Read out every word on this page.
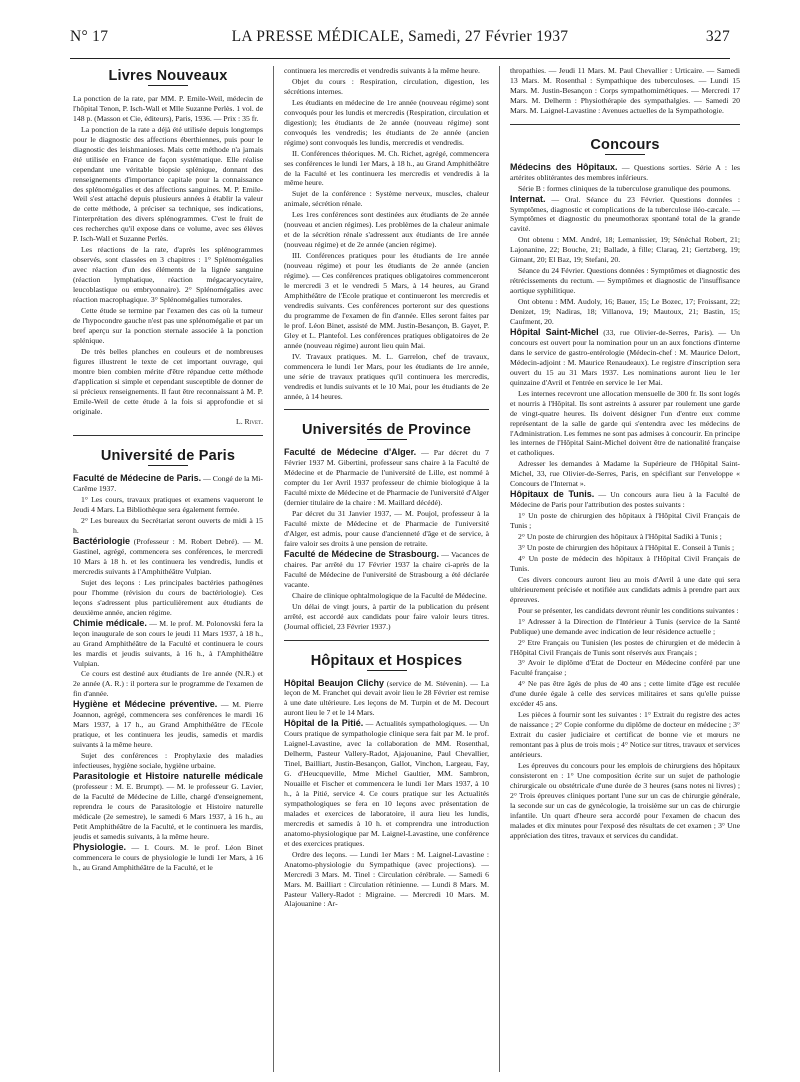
N° 17	LA PRESSE MÉDICALE, Samedi, 27 Février 1937	327
Livres Nouveaux

La ponction de la rate, par MM. P. Emile-Weil, médecin de l'hôpital Tenon, P. Isch-Wall et Mlle Suzanne Perlès. 1 vol. de 148 p. (Masson et Cie, éditeurs), Paris, 1936. — Prix : 35 fr.

La ponction de la rate a déjà été utilisée depuis longtemps pour le diagnostic des affections éberthiennes, puis pour le diagnostic des leishmanioses. Mais cette méthode n'a jamais été utilisée en France de façon systématique. Elle réalise cependant une véritable biopsie splénique, donnant des renseignements d'importance capitale pour la connaissance des splénomégalies et des affections sanguines. M. P. Emile-Weil s'est attaché depuis plusieurs années à établir la valeur de cette méthode, à préciser sa technique, ses indications, l'interprétation des divers splénogrammes. C'est le fruit de ces recherches qu'il expose dans ce volume, avec ses élèves P. Isch-Wall et Suzanne Perlès.

Les réactions de la rate, d'après les splénogrammes observés, sont classées en 3 chapitres : 1° Splénomégalies avec réaction d'un des éléments de la lignée sanguine (réaction lymphatique, réaction mégacaryocytaire, leucoblastique ou embryonnaire). 2° Splénomégalies avec réaction macrophagique. 3° Splénomégalies tumorales.

Cette étude se termine par l'examen des cas où la tumeur de l'hypocondre gauche n'est pas une splénomégalie et par un bref aperçu sur la ponction sternale associée à la ponction splénique.

De très belles planches en couleurs et de nombreuses figures illustrent le texte de cet important ouvrage, qui montre bien combien mérite d'être répandue cette méthode d'application si simple et cependant susceptible de donner de si précieux renseignements. Il faut être reconnaissant à M. P. Emile-Weil de cette étude à la fois si approfondie et si originale.

L. Rivet.

Université de Paris

Faculté de Médecine de Paris. — Congé de la Mi-Carême 1937.

1° Les cours, travaux pratiques et examens vaqueront le Jeudi 4 Mars. La Bibliothèque sera également fermée.

2° Les bureaux du Secrétariat seront ouverts de midi à 15 h.

Bactériologie (Professeur : M. Robert Debré). — M. Gastinel, agrégé, commencera ses conférences, le mercredi 10 Mars à 18 h. et les continuera les vendredis, lundis et mercredis suivants à l'Amphithéâtre Vulpian.

Sujet des leçons : Les principales bactéries pathogènes pour l'homme (révision du cours de bactériologie). Ces leçons s'adressent plus particulièrement aux étudiants de deuxième année, ancien régime.

Chimie médicale. — M. le prof. M. Polonovski fera la leçon inaugurale de son cours le jeudi 11 Mars 1937, à 18 h., au Grand Amphithéâtre de la Faculté et continuera le cours les mardis et jeudis suivants, à 16 h., à l'Amphithéâtre Vulpian.

Ce cours est destiné aux étudiants de 1re année (N.R.) et 2e année (A. R.) : il portera sur le programme de l'examen de fin d'année.

Hygiène et Médecine préventive. — M. Pierre Joannon, agrégé, commencera ses conférences le mardi 16 Mars 1937, à 17 h., au Grand Amphithéâtre de l'Ecole pratique, et les continuera les jeudis, samedis et mardis suivants à la même heure.

Sujet des conférences : Prophylaxie des maladies infectieuses, hygiène sociale, hygiène urbaine.

Parasitologie et Histoire naturelle médicale (professeur : M. E. Brumpt). — M. le professeur G. Lavier, de la Faculté de Médecine de Lille, chargé d'enseignement, reprendra le cours de Parasitologie et Histoire naturelle médicale (2e semestre), le samedi 6 Mars 1937, à 16 h., au Petit Amphithéâtre de la Faculté, et le continuera les mardis, jeudis et samedis suivants, à la même heure.

Physiologie. — I. Cours. M. le prof. Léon Binet commencera le cours de physiologie le lundi 1er Mars, à 16 h., au Grand Amphithéâtre de la Faculté, et le

continuera les mercredis et vendredis suivants à la même heure.

Objet du cours : Respiration, circulation, digestion, les sécrétions internes.

Les étudiants en médecine de 1re année (nouveau régime) sont convoqués pour les lundis et mercredis (Respiration, circulation et digestion); les étudiants de 2e année (nouveau régime) sont convoqués les vendredis; les étudiants de 2e année (ancien régime) sont convoqués les lundis, mercredis et vendredis.

II. Conférences théoriques. M. Ch. Richet, agrégé, commencera ses conférences le lundi 1er Mars, à 18 h., au Grand Amphithéâtre de la Faculté et les continuera les mercredis et vendredis à la même heure.

Sujet de la conférence : Système nerveux, muscles, chaleur animale, sécrétion rénale.

Les 1res conférences sont destinées aux étudiants de 2e année (nouveau et ancien régimes). Les problèmes de la chaleur animale et de la sécrétion rénale s'adressent aux étudiants de 1re année (nouveau régime) et de 2e année (ancien régime).

III. Conférences pratiques pour les étudiants de 1re année (nouveau régime) et pour les étudiants de 2e année (ancien régime). — Ces conférences pratiques obligatoires commenceront le mercredi 3 et le vendredi 5 Mars, à 14 heures, au Grand Amphithéâtre de l'Ecole pratique et continueront les mercredis et vendredis suivants. Ces conférences porteront sur des questions du programme de l'examen de fin d'année. Elles seront faites par le prof. Léon Binet, assisté de MM. Justin-Besançon, B. Gayet, P. Gley et L. Plantefol. Les conférences pratiques obligatoires de 2e année (nouveau régime) auront lieu quin Mai.

IV. Travaux pratiques. M. L. Garrelon, chef de travaux, commencera le lundi 1er Mars, pour les étudiants de 1re année, une série de travaux pratiques qu'il continuera les mercredis, vendredis et lundis suivants et le 10 Mai, pour les étudiants de 2e année, à 14 heures.

Universités de Province

Faculté de Médecine d'Alger. — Par décret du 7 Février 1937 M. Gibertini, professeur sans chaire à la Faculté de Médecine et de Pharmacie de l'université de Lille, est nommé à compter du 1er Avril 1937 professeur de chimie biologique à la Faculté mixte de Médecine et de Pharmacie de l'université d'Alger (dernier titulaire de la chaire : M. Maillard décédé).

Par décret du 31 Janvier 1937, — M. Poujol, professeur à la Faculté mixte de Médecine et de Pharmacie de l'université d'Alger, est admis, pour cause d'ancienneté d'âge et de service, à faire valoir ses droits à une pension de retraite.

Faculté de Médecine de Strasbourg. — Vacances de chaires. Par arrêté du 17 Février 1937 la chaire ci-après de la Faculté de Médecine de l'université de Strasbourg a été déclarée vacante.

Chaire de clinique ophtalmologique de la Faculté de Médecine.

Un délai de vingt jours, à partir de la publication du présent arrêté, est accordé aux candidats pour faire valoir leurs titres. (Journal officiel, 23 Février 1937.)

Hôpitaux et Hospices

Hôpital Beaujon Clichy (service de M. Stévenin). — La leçon de M. Franchet qui devait avoir lieu le 28 Février est remise à une date ultérieure. Les leçons de M. Turpin et de M. Decourt auront lieu le 7 et le 14 Mars.

Hôpital de la Pitié. — Actualités sympathologiques. — Un Cours pratique de sympathologie clinique sera fait par M. le prof. Laignel-Lavastine, avec la collaboration de MM. Rosenthal, Delherm, Pasteur Vallery-Radot, Ajajouanine, Paul Chevallier, Tinel, Bailliart, Justin-Besançon, Gallot, Vinchon, Largeau, Fay, G. d'Heucqueville, Mme Michel Gaultier, MM. Sambron, Nouaille et Fischer et commencera le lundi 1er Mars 1937, à 10 h., à la Pitié, service 4. Ce cours pratique sur les Actualités sympathologiques se fera en 10 leçons avec présentation de malades et exercices de laboratoire, il aura lieu les lundis, mercredis et samedis à 10 h. et comprendra une introduction anatomo-physiologique par M. Laignel-Lavastine, une conférence et des exercices pratiques.

Ordre des leçons. — Lundi 1er Mars : M. Laignel-Lavastine : Anatomo-physiologie du Sympathique (avec projections). — Mercredi 3 Mars. M. Tinel : Circulation cérébrale. — Samedi 6 Mars. M. Bailliart : Circulation rétinienne. — Lundi 8 Mars. M. Pasteur Vallery-Radot : Migraine. — Mercredi 10 Mars. M. Alajouanine : Ar-

thropathies. — Jeudi 11 Mars. M. Paul Chevallier : Urticaire. — Samedi 13 Mars. M. Rosenthal : Sympathique des tuberculoses. — Lundi 15 Mars. M. Justin-Besançon : Corps sympathomimétiques. — Mercredi 17 Mars. M. Delherm : Physiothérapie des sympathalgies. — Samedi 20 Mars. M. Laignel-Lavastine : Avenues actuelles de la Sympathologie.

Concours

Médecins des Hôpitaux. — Questions sorties. Série A : les artérites oblitérantes des membres inférieurs.

Série B : formes cliniques de la tuberculose granulique des poumons.

Internat. — Oral. Séance du 23 Février. Questions données : Symptômes, diagnostic et complications de la tuberculose iléo-cæcale. — Symptômes et diagnostic du pneumothorax spontané total de la grande cavité.

Ont obtenu : MM. André, 18; Lemanissier, 19; Sénéchal Robert, 21; Lajonanine, 22; Bouche, 21; Ballade, à fille; Claraq, 21; Gertzberg, 19; Gimant, 20; El Baz, 19; Stefani, 20.

Séance du 24 Février. Questions données : Symptômes et diagnostic des rétrécissements du rectum. — Symptômes et diagnostic de l'insuffisance aortique syphilitique.

Ont obtenu : MM. Audoly, 16; Bauer, 15; Le Bozec, 17; Froissant, 22; Denizet, 19; Nadiras, 18; Villanova, 19; Mautoux, 21; Bastin, 15; Caufment, 20.

Hôpital Saint-Michel (33, rue Olivier-de-Serres, Paris). — Un concours est ouvert pour la nomination pour un an aux fonctions d'interne dans le service de gastro-entérologie (Médecin-chef : M. Maurice Delort, Médecin-adjoint : M. Maurice Renaudeaux). Le registre d'inscription sera ouvert du 15 au 31 Mars 1937. Les nominations auront lieu le 1er quinzaine d'Avril et l'entrée en service le 1er Mai.

Les internes recevront une allocation mensuelle de 300 fr. Ils sont logés et nourris à l'Hôpital. Ils sont astreints à assurer par roulement une garde de vingt-quatre heures. Ils doivent désigner l'un d'entre eux comme représentant de la salle de garde qui s'entendra avec les médecins de l'Administration. Les femmes ne sont pas admises à concourir. En principe les internes de l'Hôpital Saint-Michel doivent être de nationalité française et catholiques.

Adresser les demandes à Madame la Supérieure de l'Hôpital Saint-Michel, 33, rue Olivier-de-Serres, Paris, en spécifiant sur l'enveloppe « Concours de l'Internat ».

Hôpitaux de Tunis. — Un concours aura lieu à la Faculté de Médecine de Paris pour l'attribution des postes suivants :

1° Un poste de chirurgien des hôpitaux à l'Hôpital Civil Français de Tunis ;

2° Un poste de chirurgien des hôpitaux à l'Hôpital Sadiki à Tunis ;

3° Un poste de chirurgien des hôpitaux à l'Hôpital E. Conseil à Tunis ;

4° Un poste de médecin des hôpitaux à l'Hôpital Civil Français de Tunis.

Ces divers concours auront lieu au mois d'Avril à une date qui sera ultérieurement précisée et notifiée aux candidats admis à prendre part aux épreuves.

Pour se présenter, les candidats devront réunir les conditions suivantes :

1° Adresser à la Direction de l'Intérieur à Tunis (service de la Santé Publique) une demande avec indication de leur résidence actuelle ;

2° Etre Français ou Tunisien (les postes de chirurgien et de médecin à l'Hôpital Civil Français de Tunis sont réservés aux Français ;

3° Avoir le diplôme d'Etat de Docteur en Médecine conféré par une Faculté française ;

4° Ne pas être âgés de plus de 40 ans ; cette limite d'âge est reculée d'une durée égale à celle des services militaires et sans qu'elle puisse excéder 45 ans.

Les pièces à fournir sont les suivantes : 1° Extrait du registre des actes de naissance ; 2° Copie conforme du diplôme de docteur en médecine ; 3° Extrait du casier judiciaire et certificat de bonne vie et mœurs ne remontant pas à plus de trois mois ; 4° Notice sur titres, travaux et services antérieurs.

Les épreuves du concours pour les emplois de chirurgiens des hôpitaux consisteront en : 1° Une composition écrite sur un sujet de pathologie chirurgicale ou obstétricale d'une durée de 3 heures (sans notes ni livres) ; 2° Trois épreuves cliniques portant l'une sur un cas de chirurgie générale, la seconde sur un cas de gynécologie, la troisième sur un cas de chirurgie infantile. Un quart d'heure sera accordé pour l'examen de chacun des malades et dix minutes pour l'exposé des résultats de cet examen ; 3° Une appréciation des titres, travaux et services du candidat.
